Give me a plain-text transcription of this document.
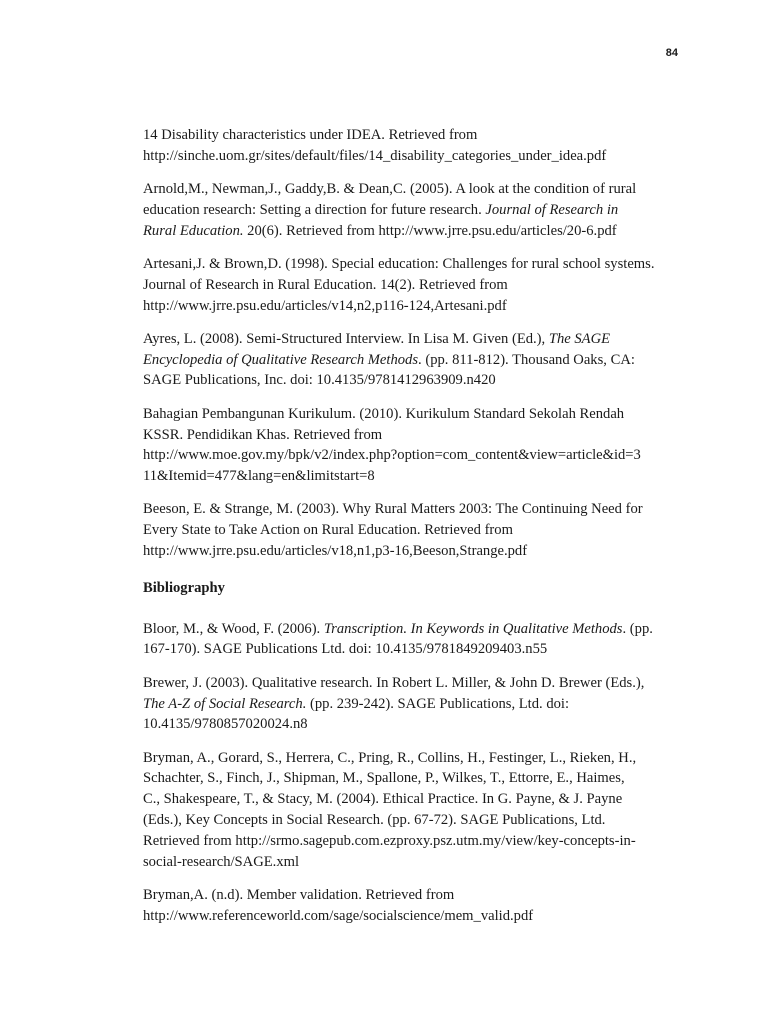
84
14 Disability characteristics under IDEA. Retrieved from
http://sinche.uom.gr/sites/default/files/14_disability_categories_under_idea.pdf
Arnold,M., Newman,J., Gaddy,B. & Dean,C. (2005). A look at the condition of rural
education research: Setting a direction for future research. Journal of Research in
Rural Education. 20(6). Retrieved from http://www.jrre.psu.edu/articles/20-6.pdf
Artesani,J. & Brown,D. (1998). Special education: Challenges for rural school systems.
Journal of Research in Rural Education. 14(2). Retrieved from
http://www.jrre.psu.edu/articles/v14,n2,p116-124,Artesani.pdf
Ayres, L. (2008). Semi-Structured Interview. In Lisa M. Given (Ed.), The SAGE
Encyclopedia of Qualitative Research Methods. (pp. 811-812). Thousand Oaks, CA:
SAGE Publications, Inc. doi: 10.4135/9781412963909.n420
Bahagian Pembangunan Kurikulum. (2010). Kurikulum Standard Sekolah Rendah
KSSR. Pendidikan Khas. Retrieved from
http://www.moe.gov.my/bpk/v2/index.php?option=com_content&view=article&id=3
11&Itemid=477&lang=en&limitstart=8
Beeson, E. & Strange, M. (2003). Why Rural Matters 2003: The Continuing Need for
Every State to Take Action on Rural Education. Retrieved from
http://www.jrre.psu.edu/articles/v18,n1,p3-16,Beeson,Strange.pdf
Bibliography
Bloor, M., & Wood, F. (2006). Transcription. In Keywords in Qualitative Methods. (pp.
167-170). SAGE Publications Ltd. doi: 10.4135/9781849209403.n55
Brewer, J. (2003). Qualitative research. In Robert L. Miller, & John D. Brewer (Eds.),
The A-Z of Social Research. (pp. 239-242). SAGE Publications, Ltd. doi:
10.4135/9780857020024.n8
Bryman, A., Gorard, S., Herrera, C., Pring, R., Collins, H., Festinger, L., Rieken, H.,
Schachter, S., Finch, J., Shipman, M., Spallone, P., Wilkes, T., Ettorre, E., Haimes,
C., Shakespeare, T., & Stacy, M. (2004). Ethical Practice. In G. Payne, & J. Payne
(Eds.), Key Concepts in Social Research. (pp. 67-72). SAGE Publications, Ltd.
Retrieved from http://srmo.sagepub.com.ezproxy.psz.utm.my/view/key-concepts-in-
social-research/SAGE.xml
Bryman,A. (n.d). Member validation. Retrieved from
http://www.referenceworld.com/sage/socialscience/mem_valid.pdf
